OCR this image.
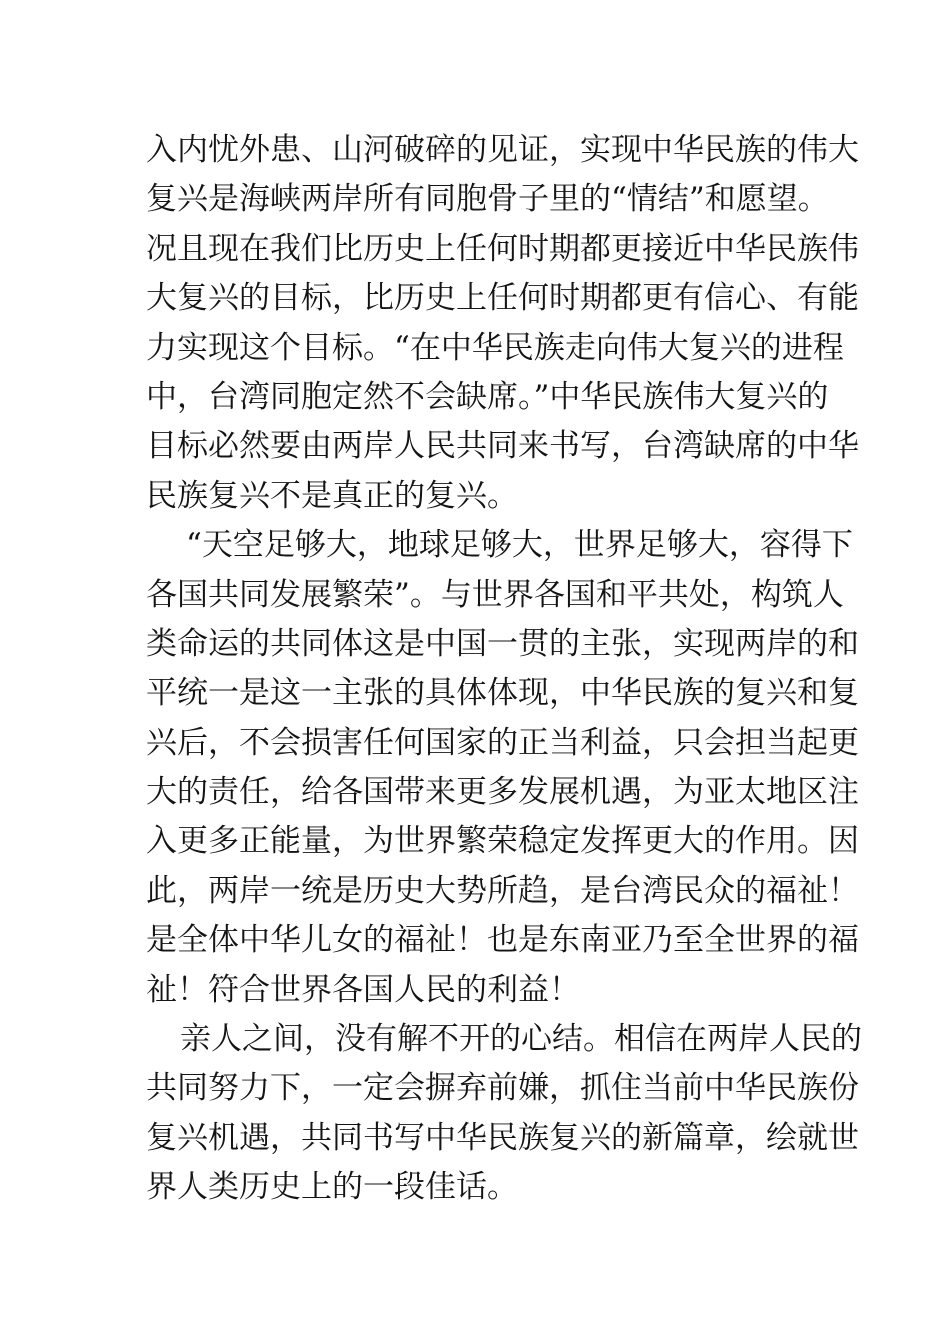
入内忧外患、山河破碎的见证，实现中华民族的伟大
复兴是海峡两岸所有同胞骨子里的“情结”和愿望。
况且现在我们比历史上任何时期都更接近中华民族伟
大复兴的目标，比历史上任何时期都更有信心、有能
力实现这个目标。“在中华民族走向伟大复兴的进程
中，台湾同胞定然不会缺席。”中华民族伟大复兴的
目标必然要由两岸人民共同来书写，台湾缺席的中华
民族复兴不是真正的复兴。
“天空足够大，地球足够大，世界足够大，容得下
各国共同发展繁荣”。与世界各国和平共处，构筑人
类命运的共同体这是中国一贯的主张，实现两岸的和
平统一是这一主张的具体体现，中华民族的复兴和复
兴后，不会损害任何国家的正当利益，只会担当起更
大的责任，给各国带来更多发展机遇，为亚太地区注
入更多正能量，为世界繁荣稳定发挥更大的作用。因
此，两岸一统是历史大势所趋，是台湾民众的福祉！
是全体中华儿女的福祉！也是东南亚乃至全世界的福
祉！符合世界各国人民的利益！
亲人之间，没有解不开的心结。相信在两岸人民的
共同努力下，一定会摒弃前嫌，抓住当前中华民族份
复兴机遇，共同书写中华民族复兴的新篇章，绘就世
界人类历史上的一段佳话。
